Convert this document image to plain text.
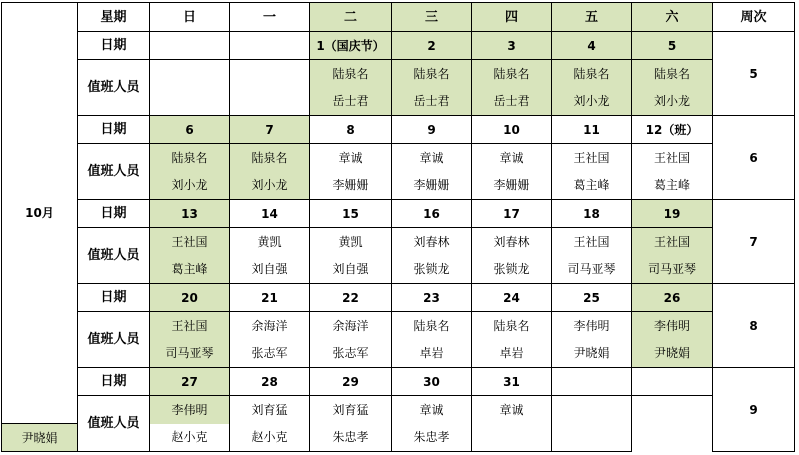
10月	星期	日	一	二	三	四	五	六	周次
	日期			1（国庆节）	2	3	4	5	5
	值班人员			陆泉名	陆泉名	陆泉名	陆泉名	陆泉名	
				岳士君	岳士君	岳士君	刘小龙	刘小龙	
	日期	6	7	8	9	10	11	12（班）	6
	值班人员	陆泉名	陆泉名	章诚	章诚	章诚	王社国	王社国	
		刘小龙	刘小龙	李姗姗	李姗姗	李姗姗	葛主峰	葛主峰	
	日期	13	14	15	16	17	18	19	7
	值班人员	王社国	黄凯	黄凯	刘春林	刘春林	王社国	王社国	
		葛主峰	刘自强	刘自强	张锁龙	张锁龙	司马亚琴	司马亚琴	
	日期	20	21	22	23	24	25	26	8
	值班人员	王社国	余海洋	余海洋	陆泉名	陆泉名	李伟明	李伟明	
		司马亚琴	张志军	张志军	卓岩	卓岩	尹晓娟	尹晓娟	
	日期	27	28	29	30	31			9
	值班人员	李伟明	刘育猛	刘育猛	章诚	章诚			
尹晓娟		赵小克	赵小克	朱忠孝	朱忠孝				
